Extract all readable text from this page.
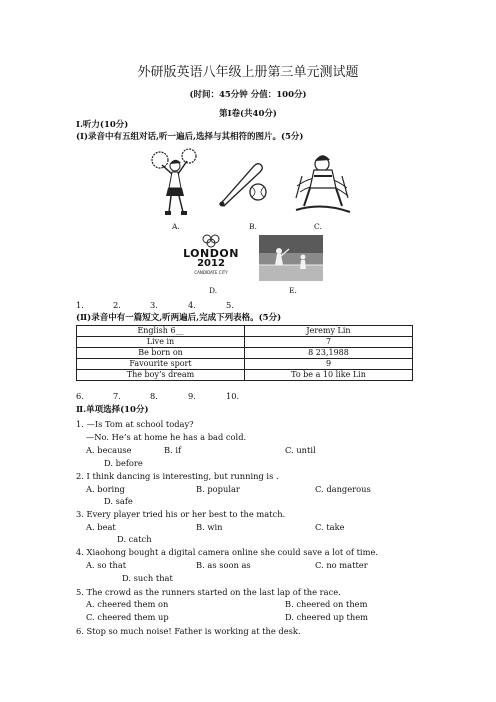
外研版英语八年级上册第三单元测试题
(时间：45分钟 分值：100分)
第Ⅰ卷(共40分)
Ⅰ.听力(10分)
(Ⅰ)录音中有五组对话,听一遍后,选择与其相符的图片。(5分)
A.	B.	C.
LONDON
2012
CANDIDATE CITY
D.	E.
1.	2.	3.	4.	5.
(Ⅱ)录音中有一篇短文,听两遍后,完成下列表格。(5分)
English 6__	Jeremy Lin
Live in	7
Be born on	8 23,1988
Favourite sport	9
The boy’s dream	To be a 10 like Lin
6.	7.	8.	9.	10.
Ⅱ.单项选择(10分)
1. —Is Tom at school today?
—No. He’s at home he has a bad cold.
A. because	B. if	C. until
D. before
2. I think dancing is interesting, but running is .
A. boring	B. popular	C. dangerous
D. safe
3. Every player tried his or her best to the match.
A. beat	B. win	C. take
D. catch
4. Xiaohong bought a digital camera online she could save a lot of time.
A. so that	B. as soon as	C. no matter
D. such that
5. The crowd as the runners started on the last lap of the race.
A. cheered them on	B. cheered on them
C. cheered them up	D. cheered up them
6. Stop so much noise! Father is working at the desk.
